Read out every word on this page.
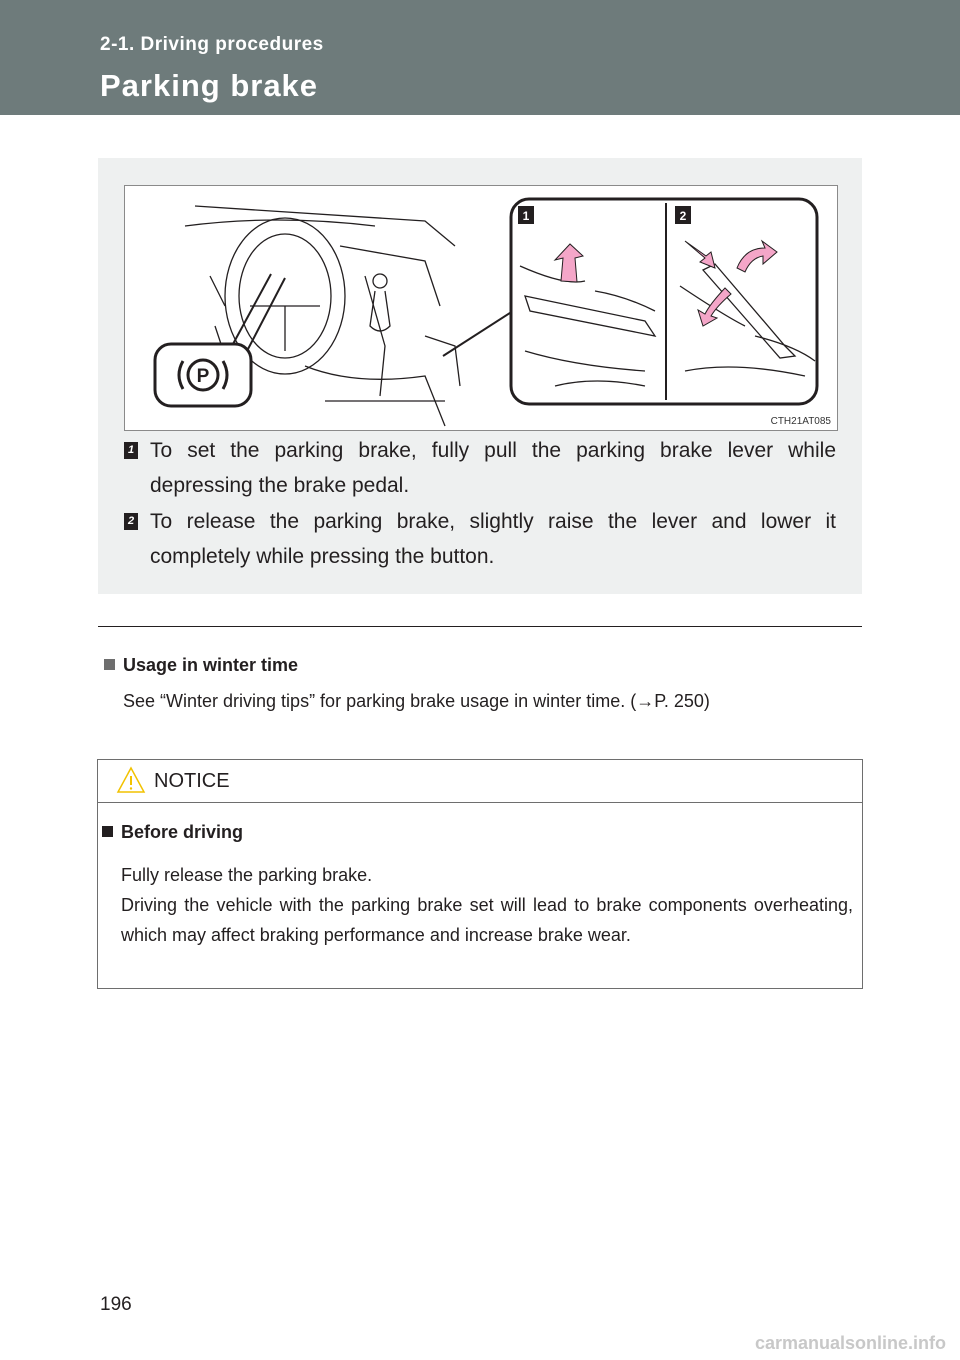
2-1. Driving procedures
Parking brake
P
1	2
CTH21AT085
1 To set the parking brake, fully pull the parking brake lever while depressing the brake pedal.
2 To release the parking brake, slightly raise the lever and lower it completely while pressing the button.
Usage in winter time
See “Winter driving tips” for parking brake usage in winter time. (→P. 250)
NOTICE
Before driving
Fully release the parking brake.
Driving the vehicle with the parking brake set will lead to brake components overheating, which may affect braking performance and increase brake wear.
196
carmanualsonline.info
